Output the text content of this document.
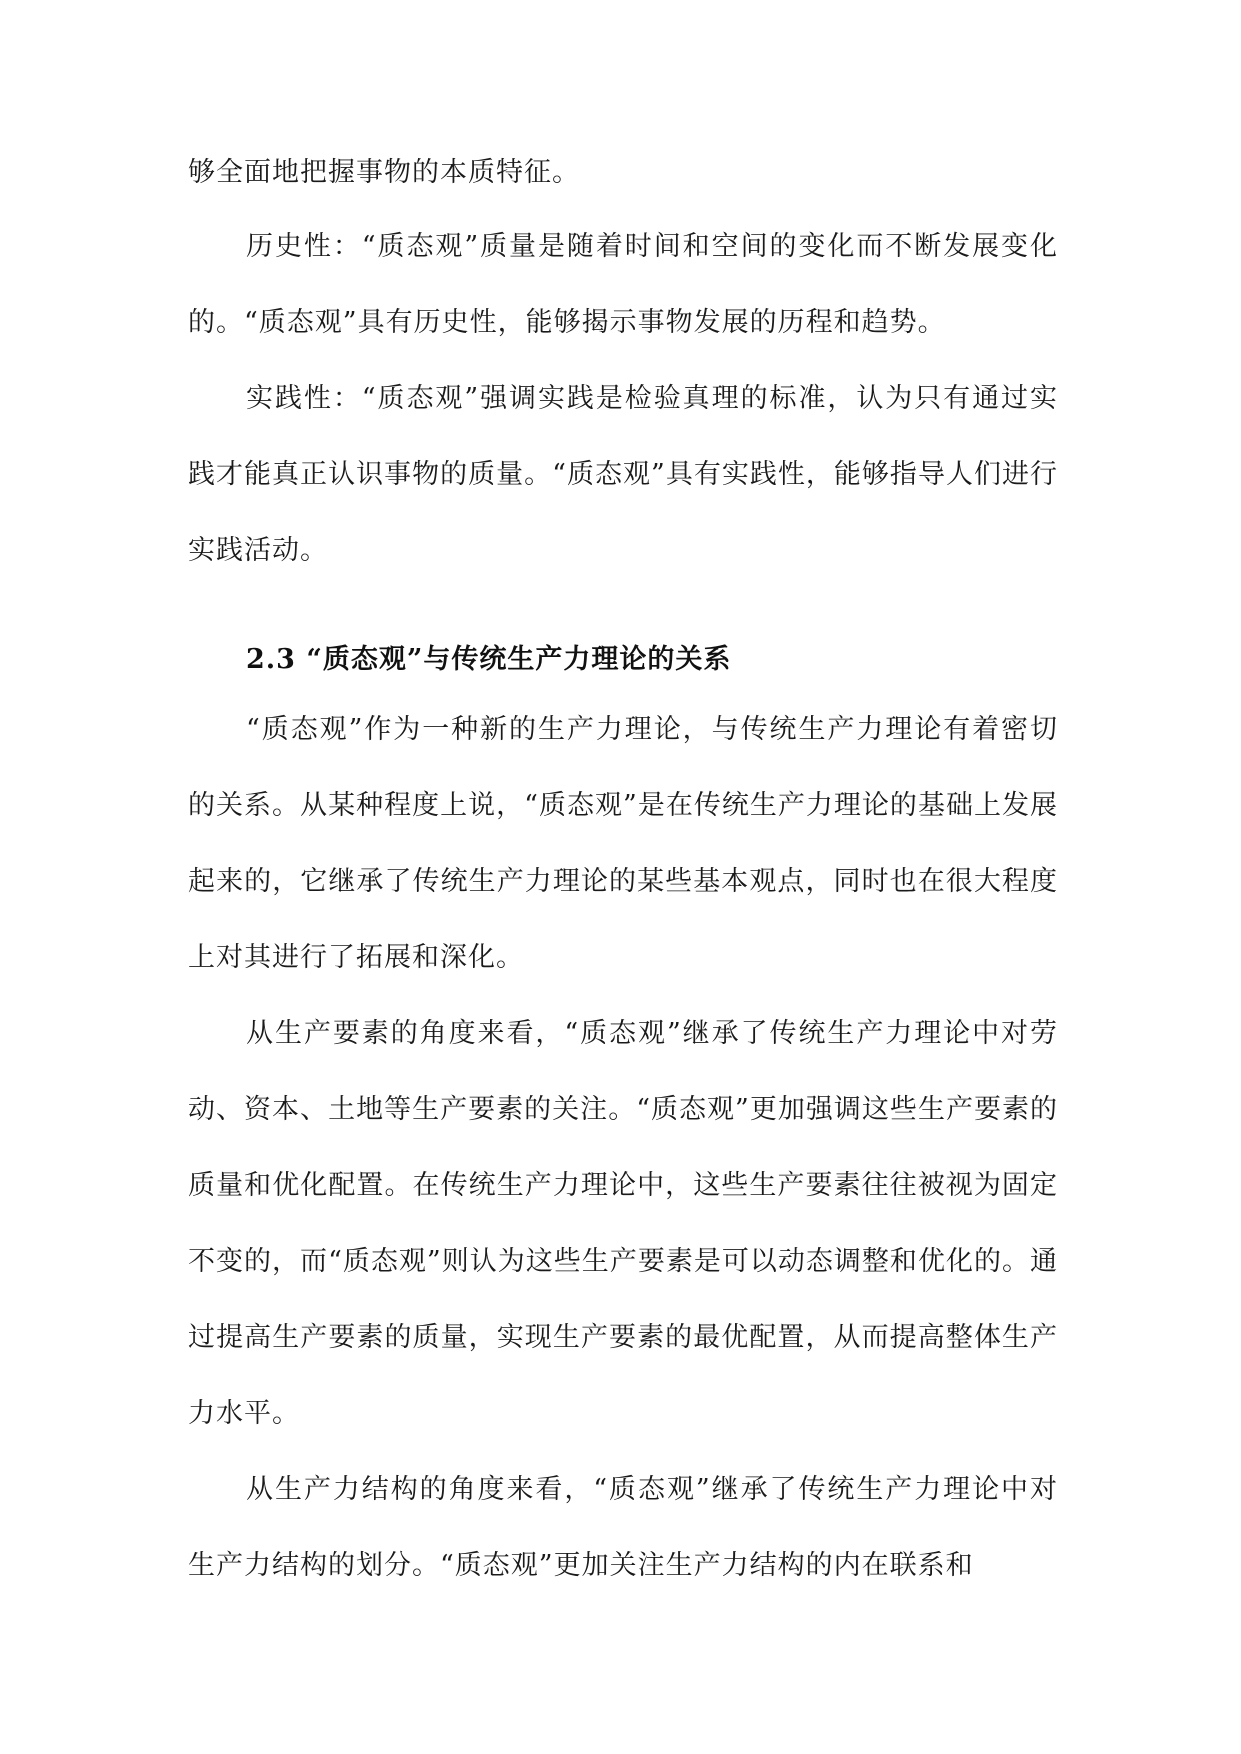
够全面地把握事物的本质特征。

历史性：“质态观”质量是随着时间和空间的变化而不断发展变化的。“质态观”具有历史性，能够揭示事物发展的历程和趋势。

实践性：“质态观”强调实践是检验真理的标准，认为只有通过实践才能真正认识事物的质量。“质态观”具有实践性，能够指导人们进行实践活动。

2.3 “质态观”与传统生产力理论的关系

“质态观”作为一种新的生产力理论，与传统生产力理论有着密切的关系。从某种程度上说，“质态观”是在传统生产力理论的基础上发展起来的，它继承了传统生产力理论的某些基本观点，同时也在很大程度上对其进行了拓展和深化。

从生产要素的角度来看，“质态观”继承了传统生产力理论中对劳动、资本、土地等生产要素的关注。“质态观”更加强调这些生产要素的质量和优化配置。在传统生产力理论中，这些生产要素往往被视为固定不变的，而“质态观”则认为这些生产要素是可以动态调整和优化的。通过提高生产要素的质量，实现生产要素的最优配置，从而提高整体生产力水平。

从生产力结构的角度来看，“质态观”继承了传统生产力理论中对生产力结构的划分。“质态观”更加关注生产力结构的内在联系和
